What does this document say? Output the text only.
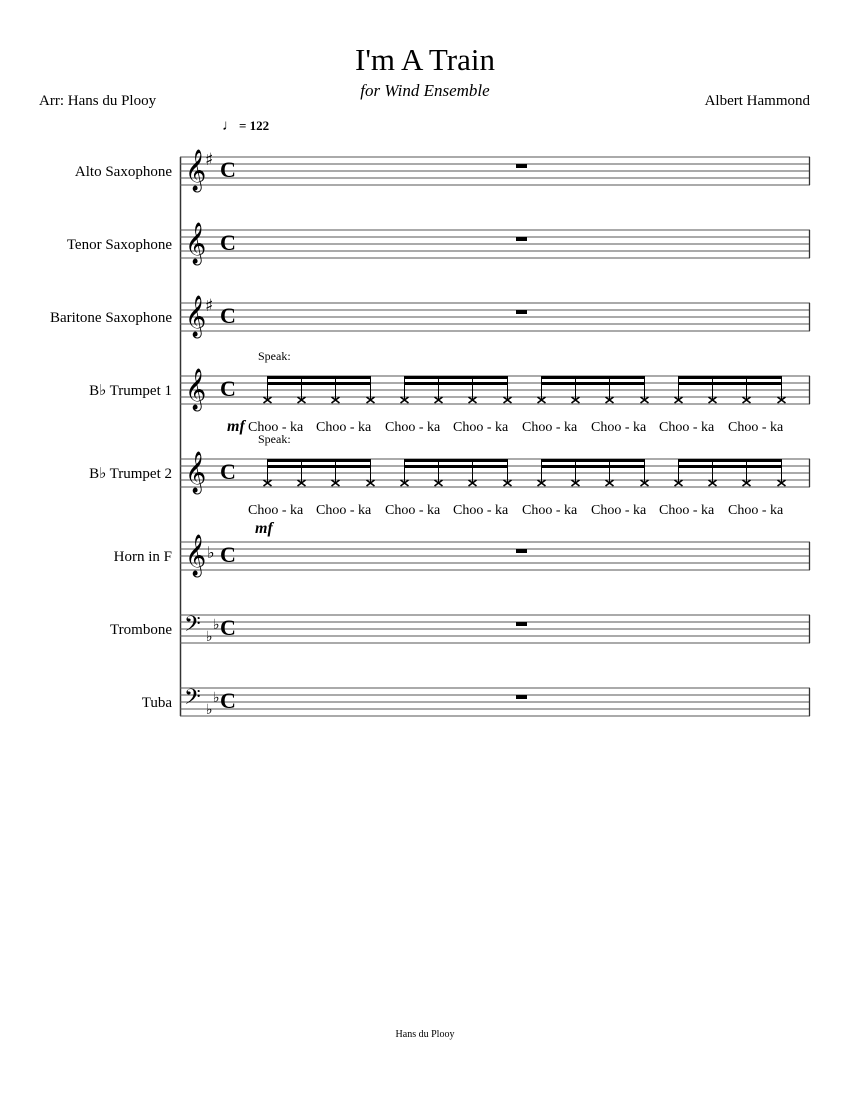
I'm A Train
for Wind Ensemble
Arr: Hans du Plooy	Albert Hammond
♩ = 122
Alto Saxophone
Tenor Saxophone
Baritone Saxophone
B♭ Trumpet 1
B♭ Trumpet 2
Horn in F
Trombone
Tuba
𝄞
♯ C
𝄞 C
𝄞
♯ C
𝄞 C
𝄞 C
𝄞 ♭ C
𝄢 ♭
♭ C
𝄢 ♭
♭ C
Speak:
mf Choo - ka Choo - ka Choo - ka Choo - ka Choo - ka Choo - ka Choo - ka Choo - ka
Speak:
Choo - ka Choo - ka Choo - ka Choo - ka Choo - ka Choo - ka Choo - ka Choo - ka
mf
Hans du Plooy
